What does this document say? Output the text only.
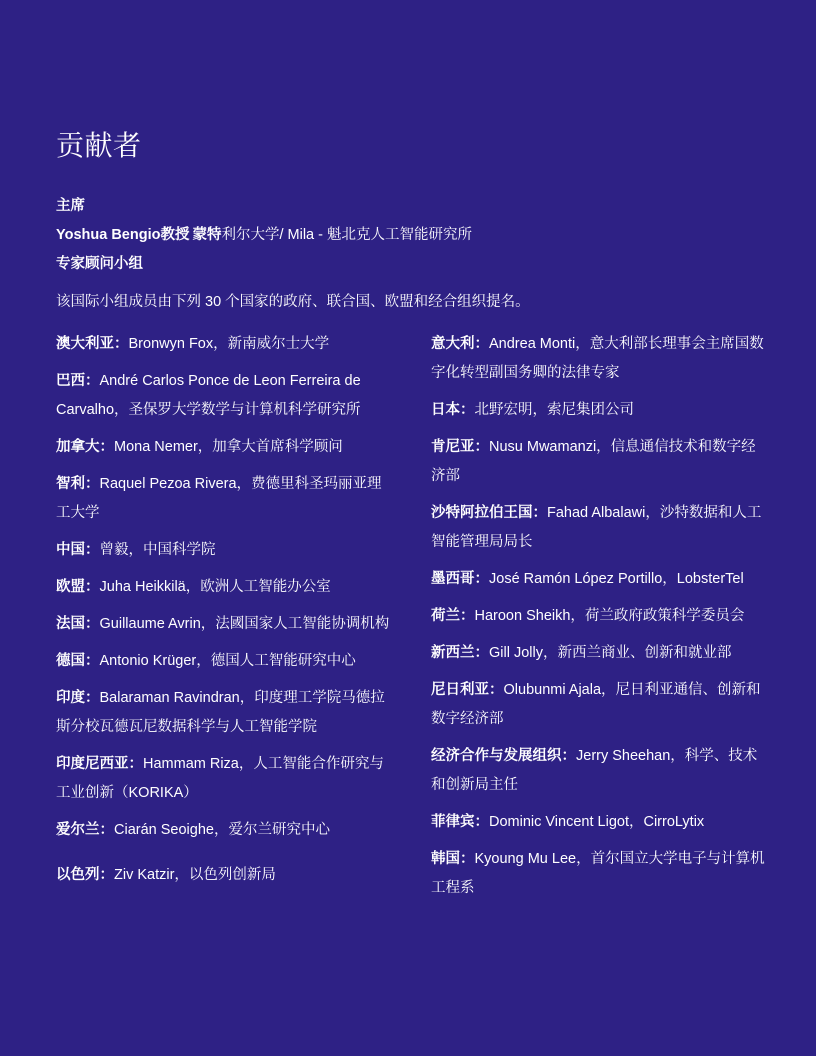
贡献者
主席
Yoshua Bengio教授 蒙特利尔大学/ Mila - 魁北克人工智能研究所
专家顾问小组
该国际小组成员由下列 30 个国家的政府、联合国、欧盟和经合组织提名。
澳大利亚：Bronwyn Fox，新南威尔士大学
巴西：André Carlos Ponce de Leon Ferreira de Carvalho，圣保罗大学数学与计算机科学研究所
加拿大：Mona Nemer，加拿大首席科学顾问
智利：Raquel Pezoa Rivera，费德里科圣玛丽亚理工大学
中国：曾毅，中国科学院
欧盟：Juha Heikkilä，欧洲人工智能办公室
法国：Guillaume Avrin，法國国家人工智能协调机构
德国：Antonio Krüger，德国人工智能研究中心
印度：Balaraman Ravindran，印度理工学院马德拉斯分校瓦德瓦尼数据科学与人工智能学院
印度尼西亚：Hammam Riza，人工智能合作研究与工业创新（KORIKA）
爱尔兰：Ciarán Seoighe，爱尔兰研究中心
以色列：Ziv Katzir，以色列创新局
意大利：Andrea Monti，意大利部长理事会主席国数字化转型副国务卿的法律专家
日本：北野宏明，索尼集团公司
肯尼亚：Nusu Mwamanzi，信息通信技术和数字经济部
沙特阿拉伯王国：Fahad Albalawi，沙特数据和人工智能管理局局长
墨西哥：José Ramón López Portillo，LobsterTel
荷兰：Haroon Sheikh，荷兰政府政策科学委员会
新西兰：Gill Jolly，新西兰商业、创新和就业部
尼日利亚：Olubunmi Ajala，尼日利亚通信、创新和数字经济部
经济合作与发展组织：Jerry Sheehan，科学、技术和创新局主任
菲律宾：Dominic Vincent Ligot，CirroLytix
韩国：Kyoung Mu Lee，首尔国立大学电子与计算机工程系
